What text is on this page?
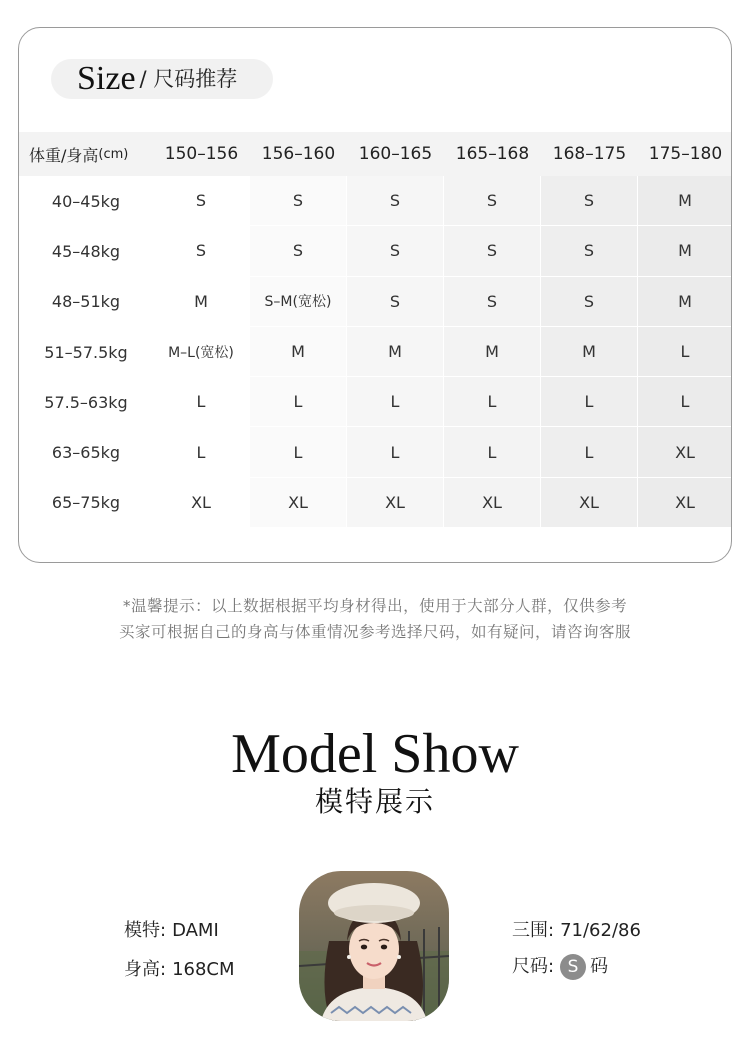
Size / 尺码推荐
体重/身高 (cm)	150–156	156–160	160–165	165–168	168–175	175–180
40–45kg	S	S	S	S	S	M
45–48kg	S	S	S	S	S	M
48–51kg	M	S–M(宽松)	S	S	S	M
51–57.5kg	M–L(宽松)	M	M	M	M	L
57.5–63kg	L	L	L	L	L	L
63–65kg	L	L	L	L	L	XL
65–75kg	XL	XL	XL	XL	XL	XL
*温馨提示：以上数据根据平均身材得出，使用于大部分人群，仅供参考
买家可根据自己的身高与体重情况参考选择尺码，如有疑问，请咨询客服
Model Show
模特展示
模特: DAMI
身高: 168CM
三围: 71/62/86
尺码: S 码
